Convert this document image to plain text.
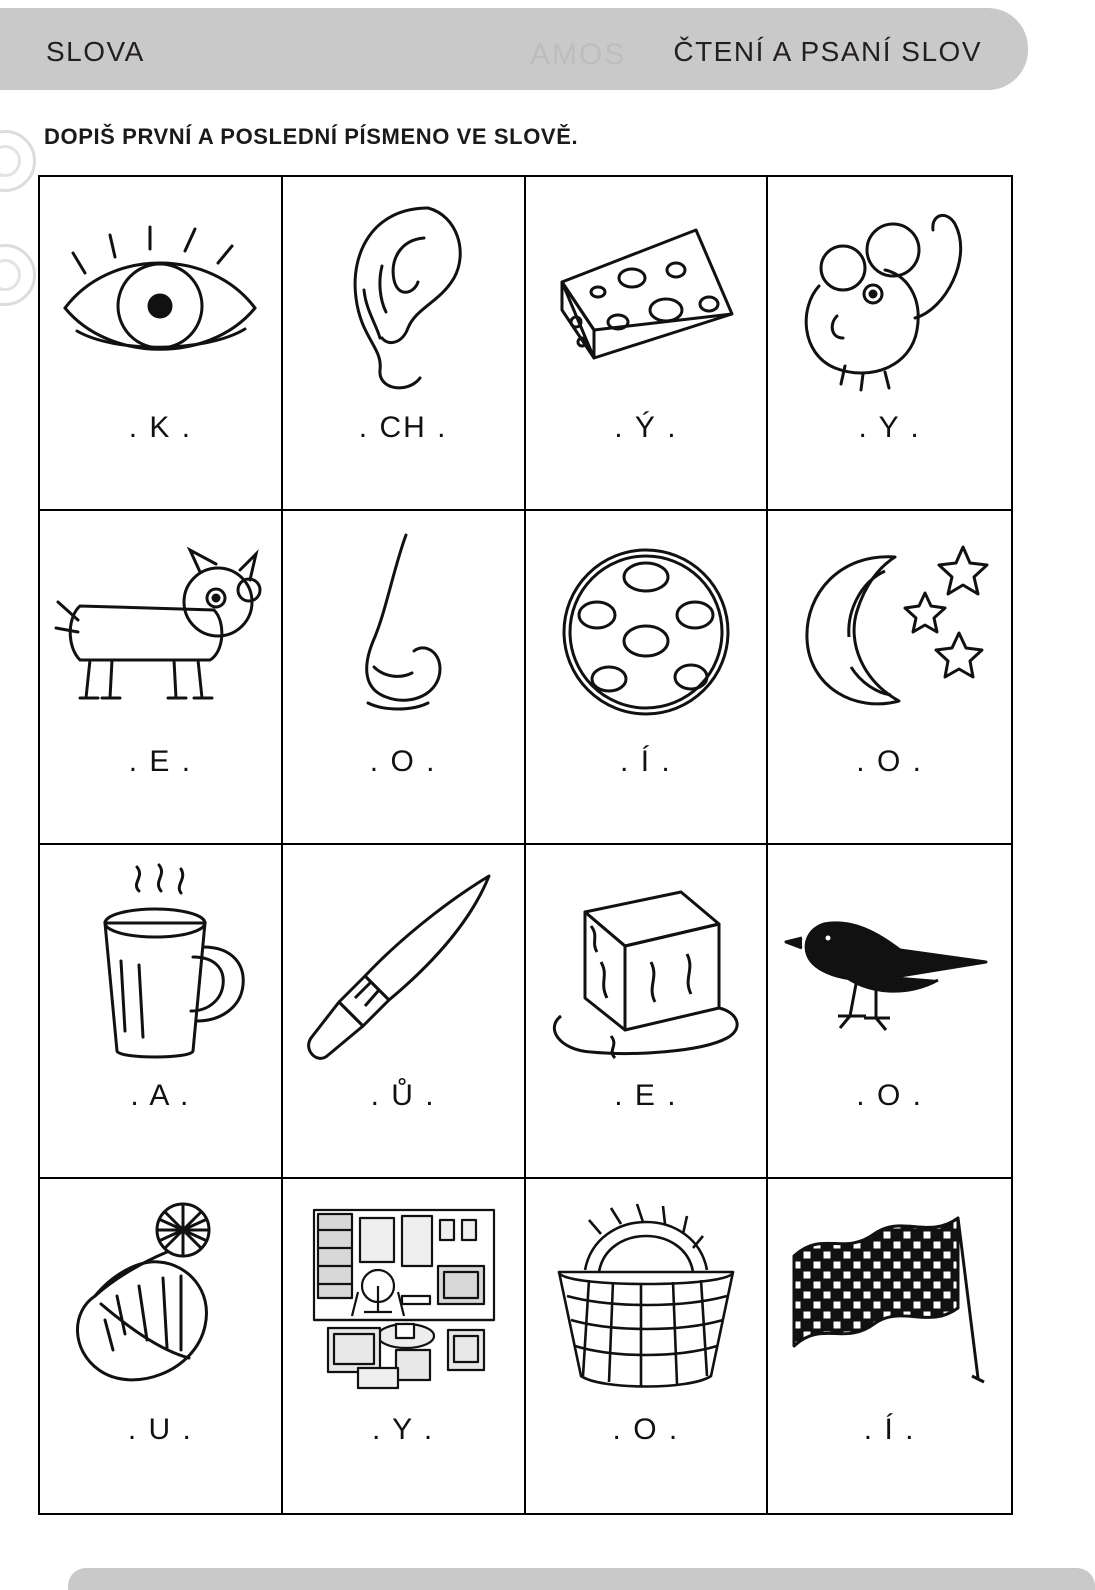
AMOS
SLOVA	ČTENÍ A PSANÍ SLOV
DOPIŠ PRVNÍ A POSLEDNÍ PÍSMENO VE SLOVĚ.
. K .	. CH .	. Ý .	. Y .
. E .	. O .	. Í .	. O .
. A .	. Ů .	. E .	. O .
. U .	. Y .	. O .	. Í .
